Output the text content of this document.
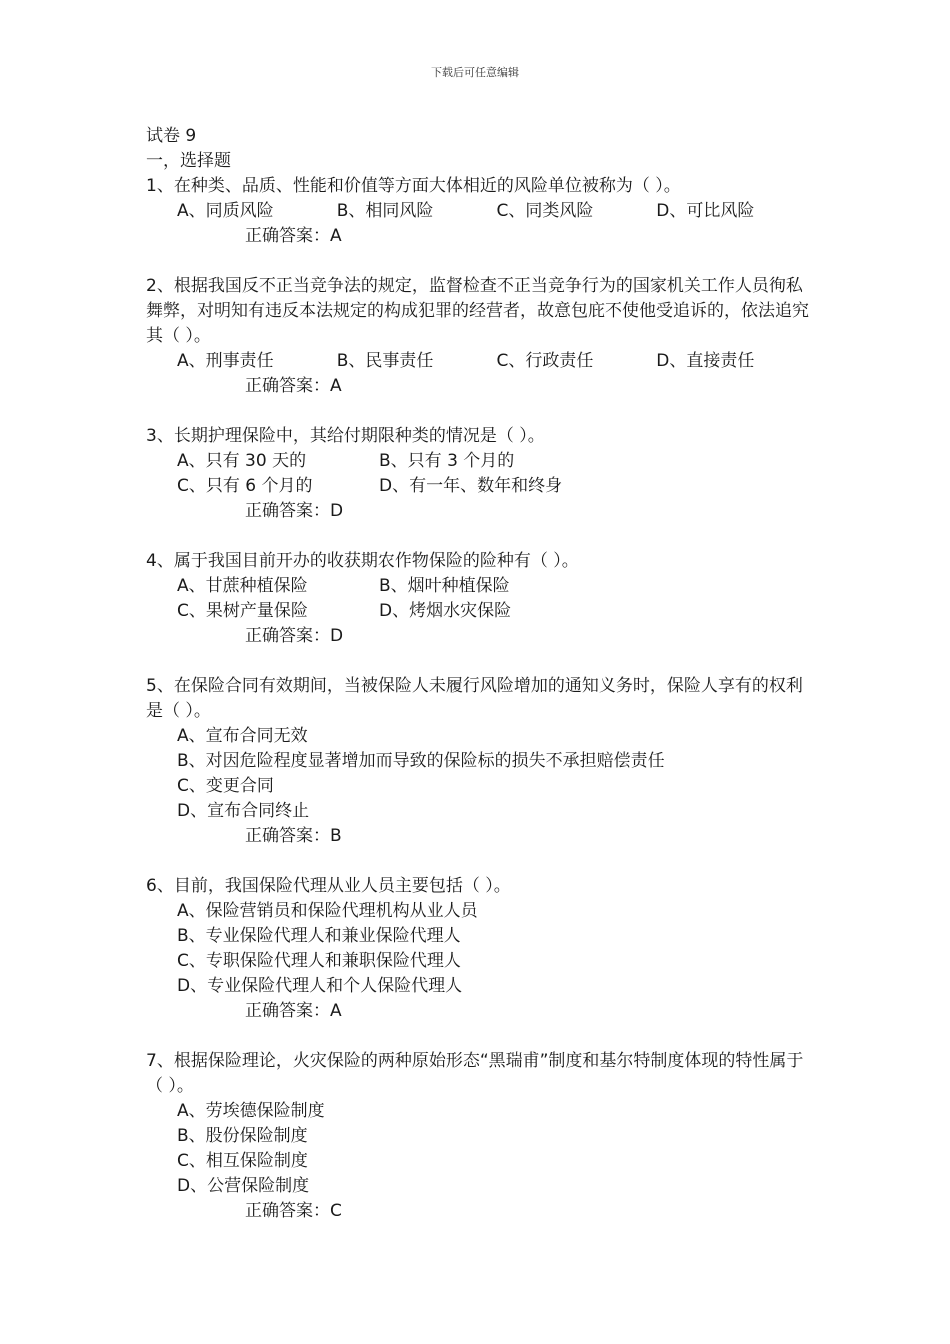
下载后可任意编辑
试卷 9
一，选择题
1、在种类、品质、性能和价值等方面大体相近的风险单位被称为（ ）。
A、同质风险	B、相同风险	C、同类风险	D、可比风险
正确答案：A
2、根据我国反不正当竞争法的规定，监督检查不正当竞争行为的国家机关工作人员徇私舞弊，对明知有违反本法规定的构成犯罪的经营者，故意包庇不使他受追诉的，依法追究其（ ）。
A、刑事责任	B、民事责任	C、行政责任	D、直接责任
正确答案：A
3、长期护理保险中，其给付期限种类的情况是（ ）。
A、只有 30 天的	B、只有 3 个月的
C、只有 6 个月的	D、有一年、数年和终身
正确答案：D
4、属于我国目前开办的收获期农作物保险的险种有（ ）。
A、甘蔗种植保险	B、烟叶种植保险
C、果树产量保险	D、烤烟水灾保险
正确答案：D
5、在保险合同有效期间，当被保险人未履行风险增加的通知义务时，保险人享有的权利是（ ）。
A、宣布合同无效
B、对因危险程度显著增加而导致的保险标的损失不承担赔偿责任
C、变更合同
D、宣布合同终止
正确答案：B
6、目前，我国保险代理从业人员主要包括（ ）。
A、保险营销员和保险代理机构从业人员
B、专业保险代理人和兼业保险代理人
C、专职保险代理人和兼职保险代理人
D、专业保险代理人和个人保险代理人
正确答案：A
7、根据保险理论，火灾保险的两种原始形态“黑瑞甫”制度和基尔特制度体现的特性属于（ ）。
A、劳埃德保险制度
B、股份保险制度
C、相互保险制度
D、公营保险制度
正确答案：C
